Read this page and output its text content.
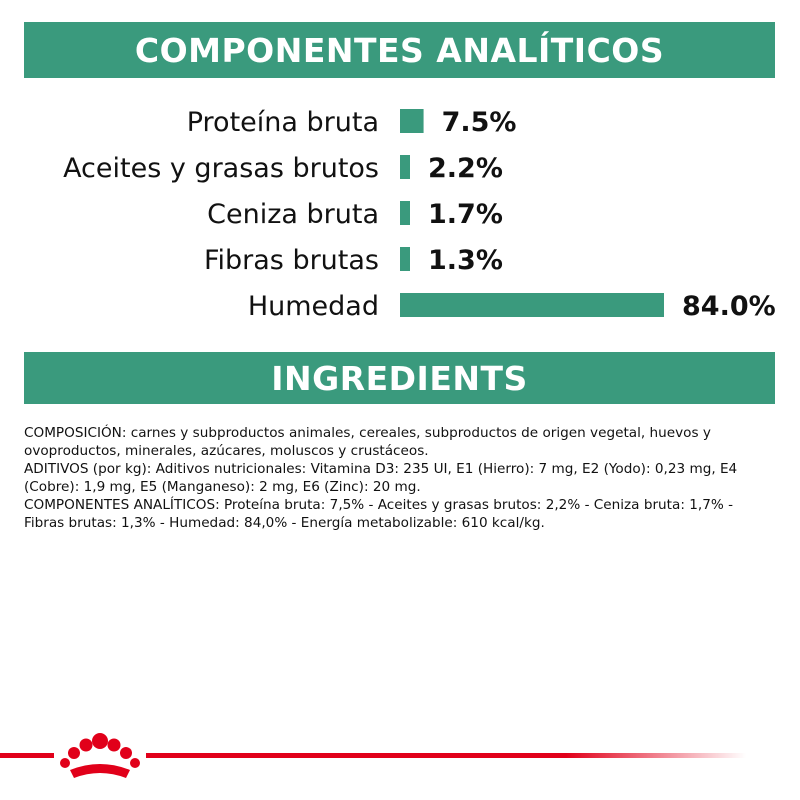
COMPONENTES ANALÍTICOS
Proteína bruta 7.5%
Aceites y grasas brutos 2.2%
Ceniza bruta 1.7%
Fibras brutas 1.3%
Humedad	84.0%
INGREDIENTS

COMPOSICIÓN: carnes y subproductos animales, cereales, subproductos de origen vegetal, huevos y ovoproductos, minerales, azúcares, moluscos y crustáceos.

ADITIVOS (por kg): Aditivos nutricionales: Vitamina D3: 235 UI, E1 (Hierro): 7 mg, E2 (Yodo): 0,23 mg, E4 (Cobre): 1,9 mg, E5 (Manganeso): 2 mg, E6 (Zinc): 20 mg.

COMPONENTES ANALÍTICOS: Proteína bruta: 7,5% - Aceites y grasas brutos: 2,2% - Ceniza bruta: 1,7% - Fibras brutas: 1,3% - Humedad: 84,0% - Energía metabolizable: 610 kcal/kg.
